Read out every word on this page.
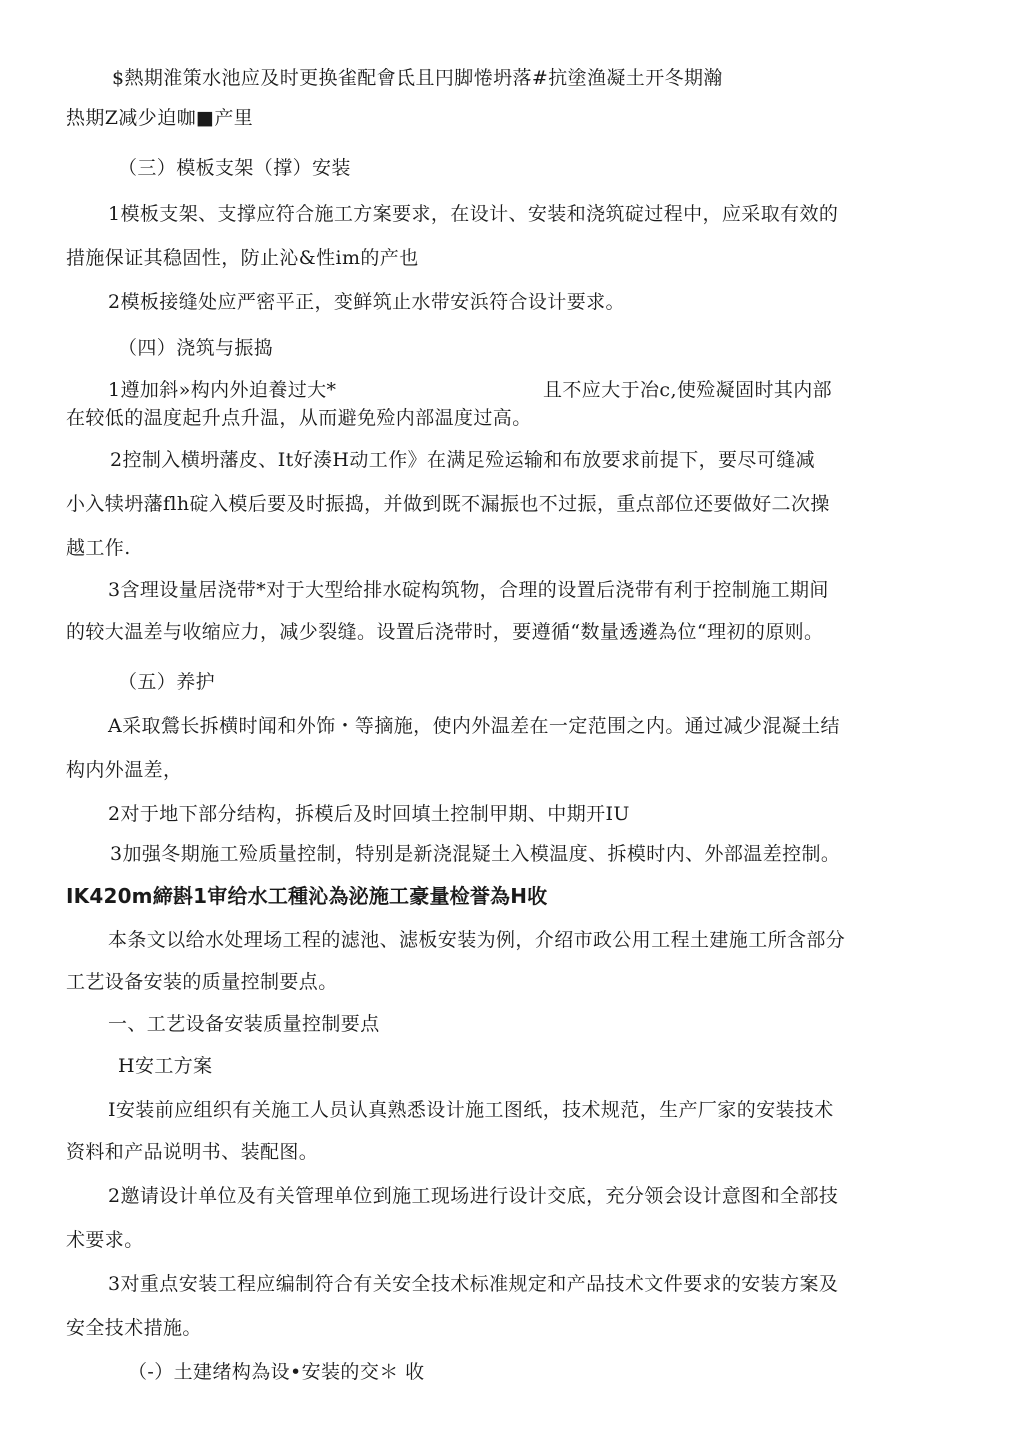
$熱期淮策水池应及时更换雀配會氐且円脚惓坍落#抗塗渔凝土开冬期瀚
热期Z减少迫咖■产里
（三）模板支架（撑）安装
1模板支架、支撑应符合施工方案要求，在设计、安装和浇筑碇过程中，应采取有效的
措施保证其稳固性，防止沁&性im的产也
2模板接缝处应严密平正，变鲜筑止水带安浜符合设计要求。
（四）浇筑与振捣
1遵加斜»构内外迫養过大*	且不应大于冶c,使殓凝固时其内部
在较低的温度起升点升温，从而避免殓内部温度过高。
2控制入横坍藩皮、It好湊H动工作》在满足殓运输和布放要求前提下，要尽可缝减
小入犊坍藩flh碇入模后要及时振捣，并做到既不漏振也不过振，重点部位还要做好二次操
越工作.
3含理设量居浇带*对于大型给排水碇构筑物，合理的设置后浇带有利于控制施工期间
的较大温差与收缩应力，减少裂缝。设置后浇带时，要遵循“数量透遴為位“理初的原则。
（五）养护
A采取鶯长拆横时闻和外饰・等摘施，使内外温差在一定范围之内。通过减少混凝土结
构内外温差，
2对于地下部分结构，拆模后及时回填土控制甲期、中期开IU
3加强冬期施工殓质量控制，特别是新浇混疑土入模温度、拆模时内、外部温差控制。
IK420m締斟1审给水工種沁為泌施工豪量检誉為H收
本条文以给水处理场工程的滤池、滤板安装为例，介绍市政公用工程土建施工所含部分
工艺设备安装的质量控制要点。
一、工艺设备安装质量控制要点
H安工方案
I安装前应组织有关施工人员认真熟悉设计施工图纸，技术规范，生产厂家的安装技术
资料和产品说明书、装配图。
2邀请设计单位及有关管理单位到施工现场进行设计交底，充分领会设计意图和全部技
术要求。
3对重点安装工程应编制符合有关安全技术标准规定和产品技术文件要求的安装方案及
安全技术措施。
（-）土建绪构為设•安装的交＊ 收
